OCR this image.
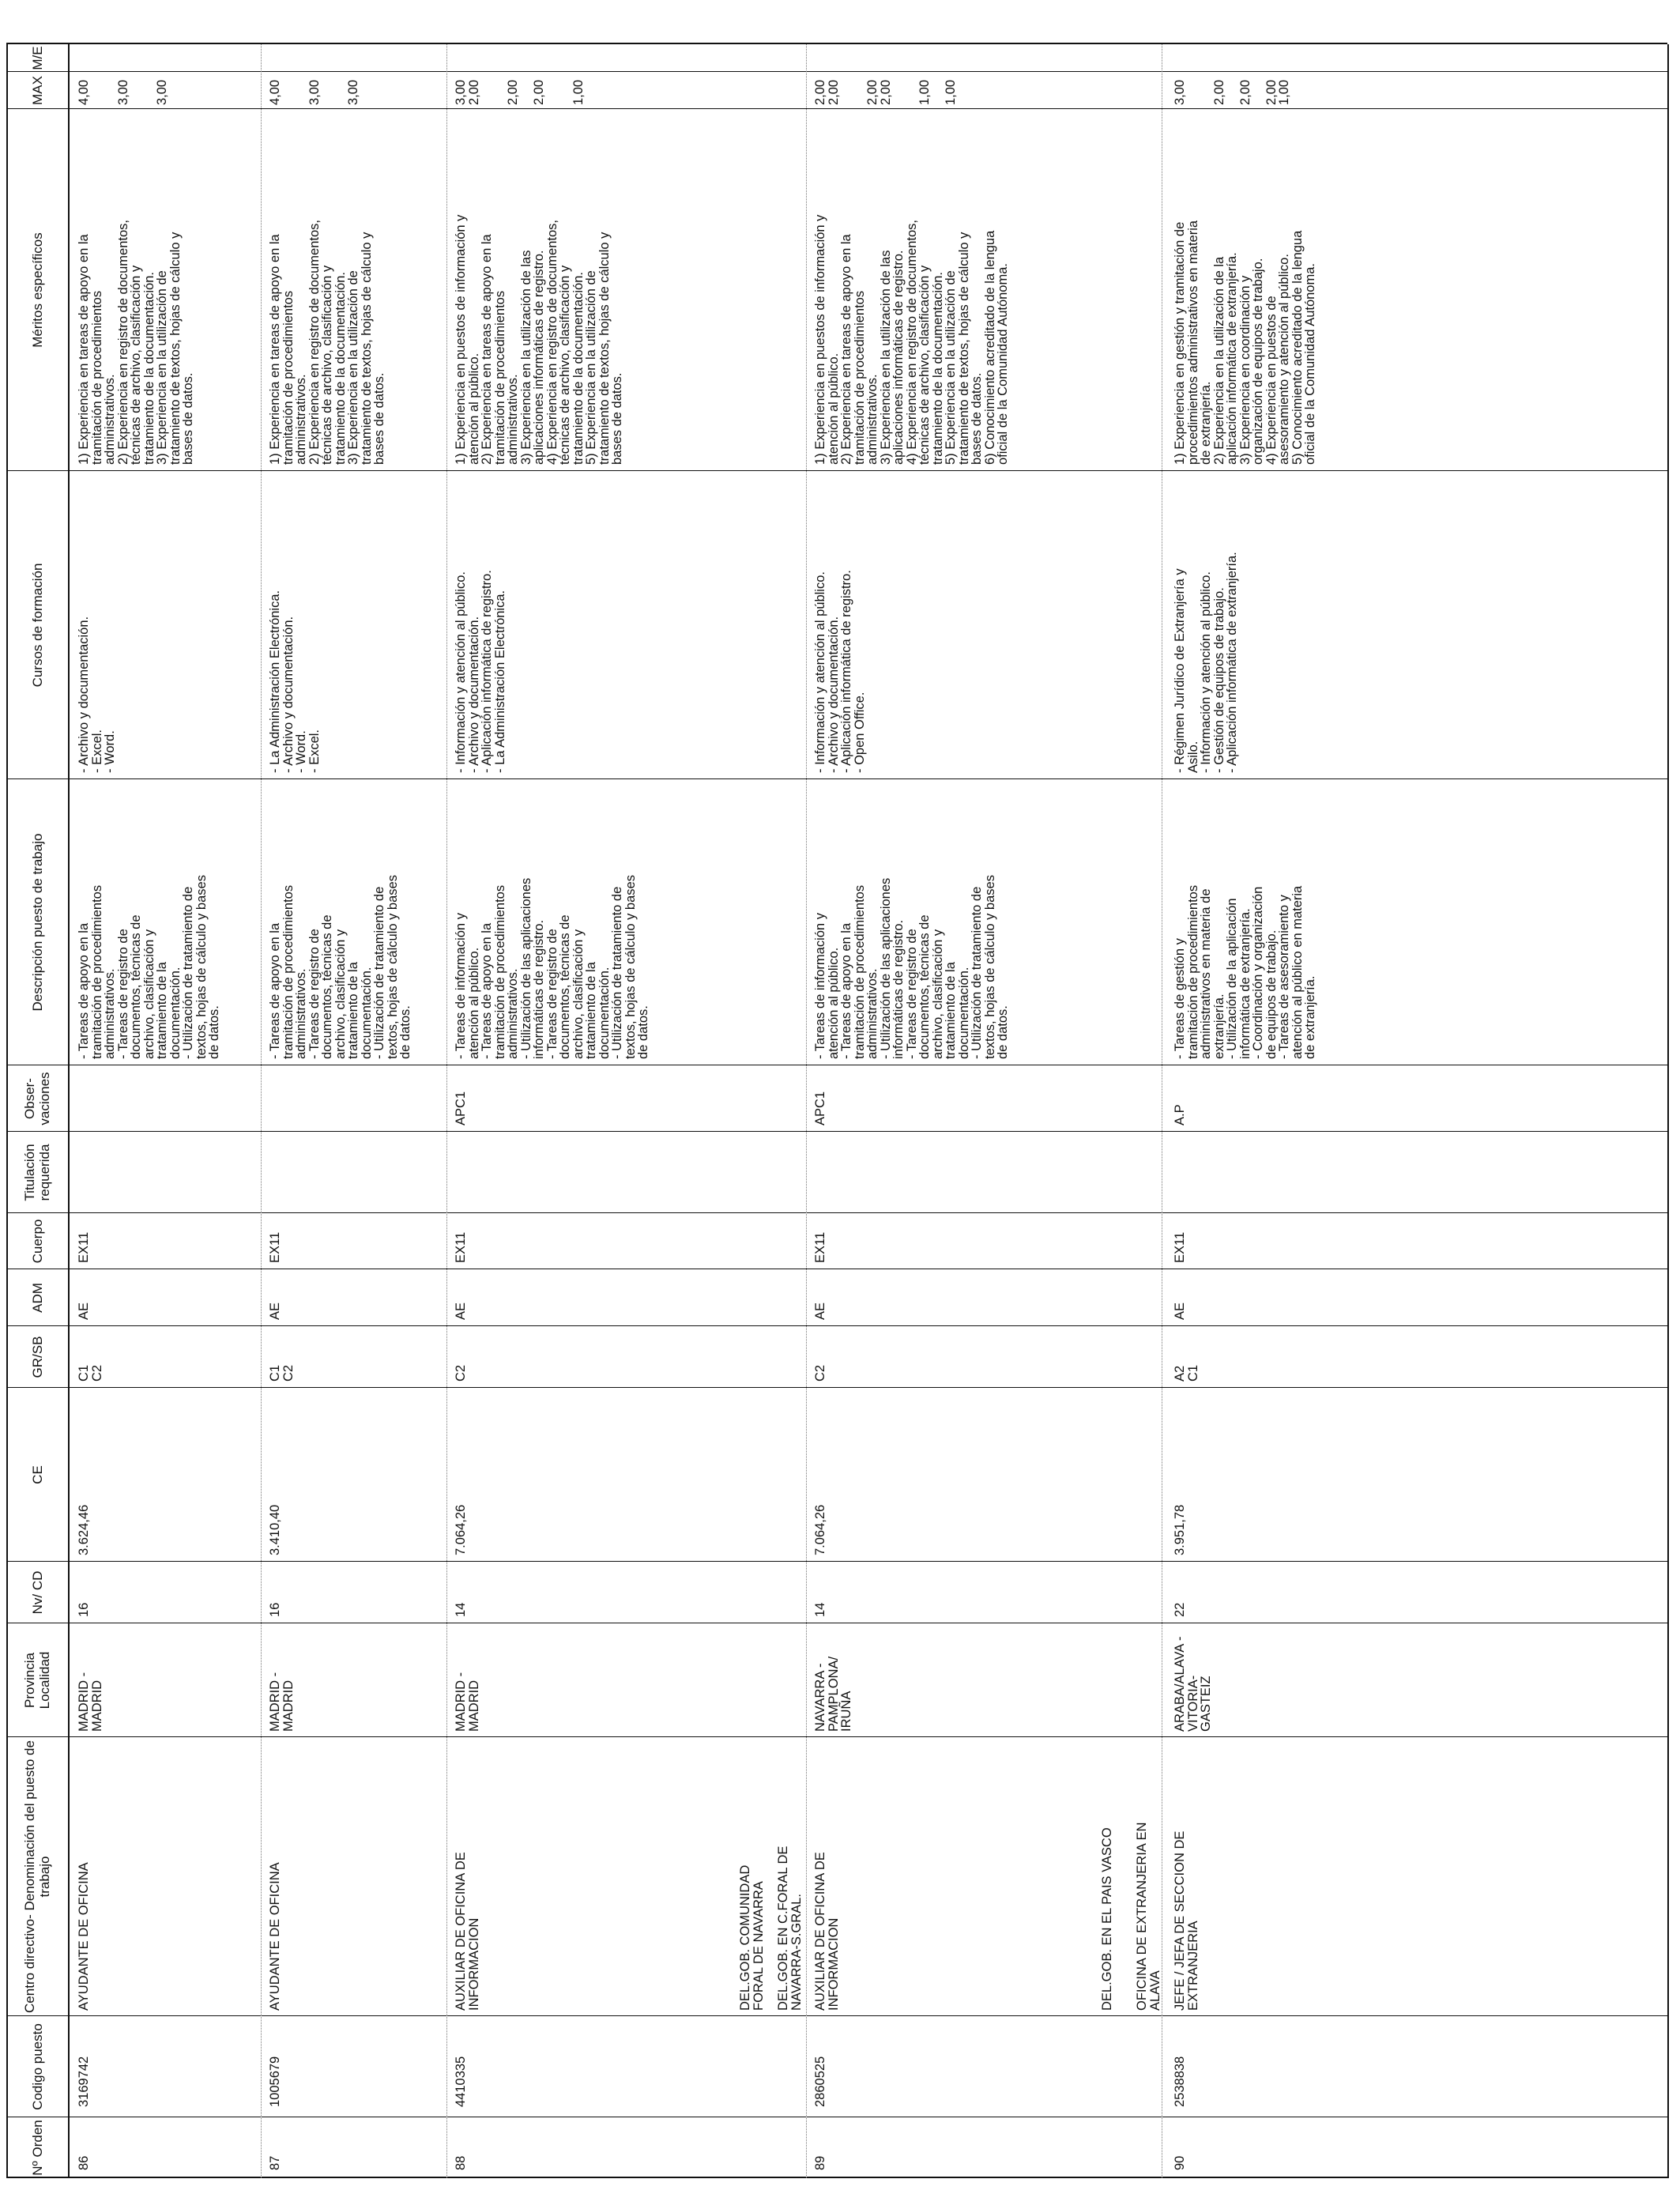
Nº Orden
Codigo puesto
Centro directivo- Denominación del puesto de trabajo
Provincia Localidad
Nv/ CD
CE
GR/SB
ADM
Cuerpo
Titulación requerida
Obser- vaciones
Descripción puesto de trabajo
Cursos de formación
Méritos específicos
MAX
M/E
86
3169742
AYUDANTE DE OFICINA
MADRID -
MADRID
16
3.624,46
C1
C2
AE
EX11
- Tareas de apoyo en la
tramitación de procedimientos
administrativos.
- Tareas de registro de
documentos, técnicas de
archivo, clasificación y
tratamiento de la
documentación.
- Utilización de tratamiento de
textos, hojas de cálculo y bases
de datos.
- Archivo y documentación.
- Excel.
- Word.
1) Experiencia en tareas de apoyo en la
tramitación de procedimientos
administrativos.
2) Experiencia en registro de documentos,
técnicas de archivo, clasificación y
tratamiento de la documentación.
3) Experiencia en la utilización de
tratamiento de textos, hojas de cálculo y
bases de datos.
4,00

3,00

3,00
87
1005679
AYUDANTE DE OFICINA
MADRID -
MADRID
16
3.410,40
C1
C2
AE
EX11
- Tareas de apoyo en la
tramitación de procedimientos
administrativos.
- Tareas de registro de
documentos, técnicas de
archivo, clasificación y
tratamiento de la
documentación.
- Utilización de tratamiento de
textos, hojas de cálculo y bases
de datos.
- La Administración Electrónica.
- Archivo y documentación.
- Word.
- Excel.
1) Experiencia en tareas de apoyo en la
tramitación de procedimientos
administrativos.
2) Experiencia en registro de documentos,
técnicas de archivo, clasificación y
tratamiento de la documentación.
3) Experiencia en la utilización de
tratamiento de textos, hojas de cálculo y
bases de datos.
4,00

3,00

3,00
88
4410335
AUXILIAR DE OFICINA DE
INFORMACION
MADRID -
MADRID
14
7.064,26
C2
AE
EX11
APC1
- Tareas de información y
atención al público.
- Tareas de apoyo en la
tramitación de procedimientos
administrativos.
- Utilización de las aplicaciones
informáticas de registro.
- Tareas de registro de
documentos, técnicas de
archivo, clasificación y
tratamiento de la
documentación.
- Utilización de tratamiento de
textos, hojas de cálculo y bases
de datos.
- Información y atención al público.
- Archivo y documentación.
- Aplicación informática de registro.
- La Administración Electrónica.
1) Experiencia en puestos de información y
atención al público.
2) Experiencia en tareas de apoyo en la
tramitación de procedimientos
administrativos.
3) Experiencia en la utilización de las
aplicaciones informáticas de registro.
4) Experiencia en registro de documentos,
técnicas de archivo, clasificación y
tratamiento de la documentación.
5) Experiencia en la utilización de
tratamiento de textos, hojas de cálculo y
bases de datos.
3,00
2,00

2,00

2,00

1,00
DEL.GOB. COMUNIDAD
FORAL DE NAVARRA
DEL.GOB. EN C.FORAL DE
NAVARRA-S.GRAL.
89
2860525
AUXILIAR DE OFICINA DE
INFORMACION
NAVARRA -
PAMPLONA/
IRUÑA
14
7.064,26
C2
AE
EX11
APC1
- Tareas de información y
atención al público.
- Tareas de apoyo en la
tramitación de procedimientos
administrativos.
- Utilización de las aplicaciones
informáticas de registro.
- Tareas de registro de
documentos, técnicas de
archivo, clasificación y
tratamiento de la
documentación.
- Utilización de tratamiento de
textos, hojas de cálculo y bases
de datos.
- Información y atención al público.
- Archivo y documentación.
- Aplicación informática de registro.
- Open Office.
1) Experiencia en puestos de información y
atención al público.
2) Experiencia en tareas de apoyo en la
tramitación de procedimientos
administrativos.
3) Experiencia en la utilización de las
aplicaciones informáticas de registro.
4) Experiencia en registro de documentos,
técnicas de archivo, clasificación y
tratamiento de la documentación.
5) Experiencia en la utilización de
tratamiento de textos, hojas de cálculo y
bases de datos.
6) Conocimiento acreditado de la lengua
oficial de la Comunidad Autónoma.
2,00
2,00

2,00
2,00

1,00

1,00
DEL.GOB. EN EL PAIS VASCO OFICINA DE EXTRANJERIA EN
ALAVA
90
2538838
JEFE / JEFA DE SECCION DE
EXTRANJERIA
ARABA/ALAVA -
VITORIA-
GASTEIZ
22
3.951,78
A2
C1
AE
EX11
A.P
- Tareas de gestión y
tramitación de procedimientos
administrativos en materia de
extranjería.
- Utilización de la aplicación
informática de extranjería.
- Coordinación y organización
de equipos de trabajo.
- Tareas de asesoramiento y
atención al público en materia
de extranjería.
- Régimen Jurídico de Extranjería y
Asilo.
- Información y atención al público.
- Gestión de equipos de trabajo.
- Aplicación informática de extranjería.
1) Experiencia en gestión y tramitación de
procedimientos administrativos en materia
de extranjería.
2) Experiencia en la utilización de la
aplicación informática de extranjería.
3) Experiencia en coordinación y
organización de equipos de trabajo.
4) Experiencia en puestos de
asesoramiento y atención al público.
5) Conocimiento acreditado de la lengua
oficial de la Comunidad Autónoma.
3,00

2,00

2,00

2,00
1,00
